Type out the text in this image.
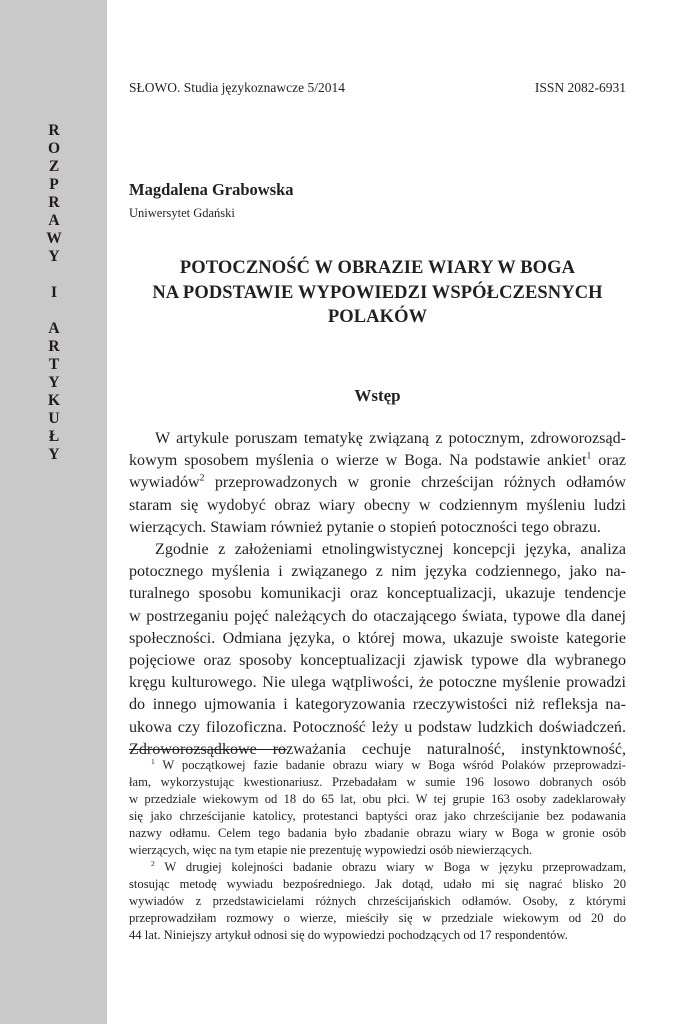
R
O
Z
P
R
A
W
Y
I
A
R
T
Y
K
U
Ł
Y
SŁOWO. Studia językoznawcze 5/2014	ISSN 2082-6931
Magdalena Grabowska
Uniwersytet Gdański
POTOCZNOŚĆ W OBRAZIE WIARY W BOGA
NA PODSTAWIE WYPOWIEDZI WSPÓŁCZESNYCH
POLAKÓW
Wstęp
W artykule poruszam tematykę związaną z potocznym, zdroworozsąd-
kowym sposobem myślenia o wierze w Boga. Na podstawie ankiet$^1$ oraz
wywiadów$^2$ przeprowadzonych w gronie chrześcijan różnych odłamów
staram się wydobyć obraz wiary obecny w codziennym myśleniu ludzi
wierzących. Stawiam również pytanie o stopień potoczności tego obrazu.
Zgodnie z założeniami etnolingwistycznej koncepcji języka, analiza
potocznego myślenia i związanego z nim języka codziennego, jako na-
turalnego sposobu komunikacji oraz konceptualizacji, ukazuje tendencje
w postrzeganiu pojęć należących do otaczającego świata, typowe dla danej
społeczności. Odmiana języka, o której mowa, ukazuje swoiste kategorie
pojęciowe oraz sposoby konceptualizacji zjawisk typowe dla wybranego
kręgu kulturowego. Nie ulega wątpliwości, że potoczne myślenie prowadzi
do innego ujmowania i kategoryzowania rzeczywistości niż refleksja na-
ukowa czy filozoficzna. Potoczność leży u podstaw ludzkich doświadczeń.
Zdroworozsądkowe rozważania cechuje naturalność, instynktowność,
$^1$ W początkowej fazie badanie obrazu wiary w Boga wśród Polaków przeprowadzi-
łam, wykorzystując kwestionariusz. Przebadałam w sumie 196 losowo dobranych osób
w przedziale wiekowym od 18 do 65 lat, obu płci. W tej grupie 163 osoby zadeklarowały
się jako chrześcijanie katolicy, protestanci baptyści oraz jako chrześcijanie bez podawania
nazwy odłamu. Celem tego badania było zbadanie obrazu wiary w Boga w gronie osób
wierzących, więc na tym etapie nie prezentuję wypowiedzi osób niewierzących.
$^2$ W drugiej kolejności badanie obrazu wiary w Boga w języku przeprowadzam,
stosując metodę wywiadu bezpośredniego. Jak dotąd, udało mi się nagrać blisko 20
wywiadów z przedstawicielami różnych chrześcijańskich odłamów. Osoby, z którymi
przeprowadziłam rozmowy o wierze, mieściły się w przedziale wiekowym od 20 do
44 lat. Niniejszy artykuł odnosi się do wypowiedzi pochodzących od 17 respondentów.
